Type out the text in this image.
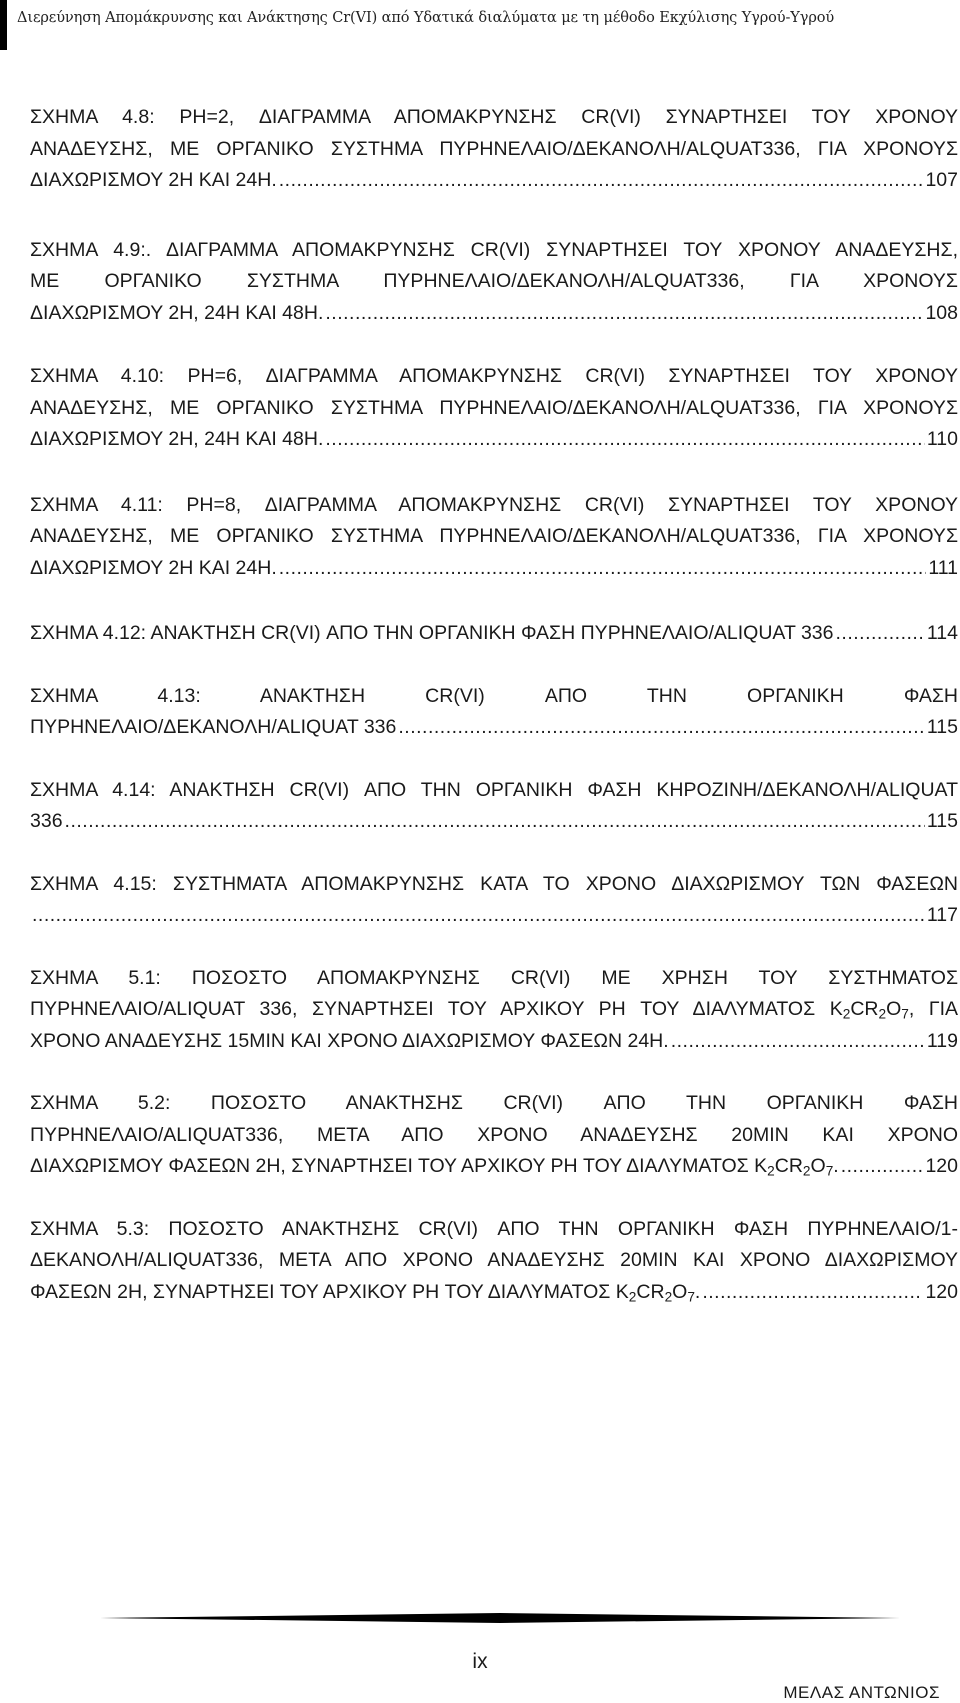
Διερεύνηση Απομάκρυνσης και Ανάκτησης Cr(VI) από Υδατικά διαλύματα με τη μέθοδο Εκχύλισης Υγρού-Υγρού
ΣΧΗΜΑ 4.8: PH=2, ΔΙΑΓΡΑΜΜΑ ΑΠΟΜΑΚΡΥΝΣΗΣ CR(VI) ΣΥΝΑΡΤΗΣΕΙ ΤΟΥ ΧΡΟΝΟΥ
ΑΝΑΔΕΥΣΗΣ, ΜΕ ΟΡΓΑΝΙΚΟ ΣΥΣΤΗΜΑ ΠΥΡΗΝΕΛΑΙΟ/ΔΕΚΑΝΟΛΗ/ALQUAT336, ΓΙΑ ΧΡΟΝΟΥΣ
ΔΙΑΧΩΡΙΣΜΟΥ 2Η ΚΑΙ 24Η. .....	107
ΣΧΗΜΑ 4.9:. ΔΙΑΓΡΑΜΜΑ ΑΠΟΜΑΚΡΥΝΣΗΣ CR(VI) ΣΥΝΑΡΤΗΣΕΙ ΤΟΥ ΧΡΟΝΟΥ ΑΝΑΔΕΥΣΗΣ,
ΜΕ ΟΡΓΑΝΙΚΟ ΣΥΣΤΗΜΑ ΠΥΡΗΝΕΛΑΙΟ/ΔΕΚΑΝΟΛΗ/ALQUAT336, ΓΙΑ ΧΡΟΝΟΥΣ
ΔΙΑΧΩΡΙΣΜΟΥ 2Η, 24Η ΚΑΙ 48Η. .....	108
ΣΧΗΜΑ 4.10: PH=6, ΔΙΑΓΡΑΜΜΑ ΑΠΟΜΑΚΡΥΝΣΗΣ CR(VI) ΣΥΝΑΡΤΗΣΕΙ ΤΟΥ ΧΡΟΝΟΥ
ΑΝΑΔΕΥΣΗΣ, ΜΕ ΟΡΓΑΝΙΚΟ ΣΥΣΤΗΜΑ ΠΥΡΗΝΕΛΑΙΟ/ΔΕΚΑΝΟΛΗ/ALQUAT336, ΓΙΑ ΧΡΟΝΟΥΣ
ΔΙΑΧΩΡΙΣΜΟΥ 2Η, 24Η ΚΑΙ 48Η. .....	110
ΣΧΗΜΑ 4.11: PH=8, ΔΙΑΓΡΑΜΜΑ ΑΠΟΜΑΚΡΥΝΣΗΣ CR(VI) ΣΥΝΑΡΤΗΣΕΙ ΤΟΥ ΧΡΟΝΟΥ
ΑΝΑΔΕΥΣΗΣ, ΜΕ ΟΡΓΑΝΙΚΟ ΣΥΣΤΗΜΑ ΠΥΡΗΝΕΛΑΙΟ/ΔΕΚΑΝΟΛΗ/ALQUAT336, ΓΙΑ ΧΡΟΝΟΥΣ
ΔΙΑΧΩΡΙΣΜΟΥ 2Η ΚΑΙ 24Η. .....	111
ΣΧΗΜΑ 4.12: ΑΝΑΚΤΗΣΗ CR(VI) ΑΠΟ ΤΗΝ ΟΡΓΑΝΙΚΗ ΦΑΣΗ ΠΥΡΗΝΕΛΑΙΟ/ALIQUAT 336 .....	114
ΣΧΗΜΑ 4.13: ΑΝΑΚΤΗΣΗ CR(VI) ΑΠΟ ΤΗΝ ΟΡΓΑΝΙΚΗ ΦΑΣΗ
ΠΥΡΗΝΕΛΑΙΟ/ΔΕΚΑΝΟΛΗ/ALIQUAT 336 .....	115
ΣΧΗΜΑ 4.14: ΑΝΑΚΤΗΣΗ CR(VI) ΑΠΟ ΤΗΝ ΟΡΓΑΝΙΚΗ ΦΑΣΗ ΚΗΡΟΖΙΝΗ/ΔΕΚΑΝΟΛΗ/ALIQUAT
336 .....	115
ΣΧΗΜΑ 4.15: ΣΥΣΤΗΜΑΤΑ ΑΠΟΜΑΚΡΥΝΣΗΣ ΚΑΤΑ ΤΟ ΧΡΟΝΟ ΔΙΑΧΩΡΙΣΜΟΥ ΤΩΝ ΦΑΣΕΩΝ
.....
117
ΣΧΗΜΑ 5.1: ΠΟΣΟΣΤΟ ΑΠΟΜΑΚΡΥΝΣΗΣ CR(VI) ΜΕ ΧΡΗΣΗ ΤΟΥ ΣΥΣΤΗΜΑΤΟΣ
ΠΥΡΗΝΕΛΑΙΟ/ALIQUAT 336, ΣΥΝΑΡΤΗΣΕΙ ΤΟΥ ΑΡΧΙΚΟΥ PH ΤΟΥ ΔΙΑΛΥΜΑΤΟΣ $K_2CR_2O_7$, ΓΙΑ
ΧΡΟΝΟ ΑΝΑΔΕΥΣΗΣ 15MIN ΚΑΙ ΧΡΟΝΟ ΔΙΑΧΩΡΙΣΜΟΥ ΦΑΣΕΩΝ 24Η. .....	119
ΣΧΗΜΑ 5.2: ΠΟΣΟΣΤΟ ΑΝΑΚΤΗΣΗΣ CR(VI) ΑΠΟ ΤΗΝ ΟΡΓΑΝΙΚΗ ΦΑΣΗ
ΠΥΡΗΝΕΛΑΙΟ/ALIQUAT336, ΜΕΤΑ ΑΠΟ ΧΡΟΝΟ ΑΝΑΔΕΥΣΗΣ 20MIN ΚΑΙ ΧΡΟΝΟ
ΔΙΑΧΩΡΙΣΜΟΥ ΦΑΣΕΩΝ 2Η, ΣΥΝΑΡΤΗΣΕΙ ΤΟΥ ΑΡΧΙΚΟΥ PH ΤΟΥ ΔΙΑΛΥΜΑΤΟΣ $K_2CR_2O_7$. .....	120
ΣΧΗΜΑ 5.3: ΠΟΣΟΣΤΟ ΑΝΑΚΤΗΣΗΣ CR(VI) ΑΠΟ ΤΗΝ ΟΡΓΑΝΙΚΗ ΦΑΣΗ ΠΥΡΗΝΕΛΑΙΟ/1-
ΔΕΚΑΝΟΛΗ/ALIQUAT336, ΜΕΤΑ ΑΠΟ ΧΡΟΝΟ ΑΝΑΔΕΥΣΗΣ 20MIN ΚΑΙ ΧΡΟΝΟ ΔΙΑΧΩΡΙΣΜΟΥ
ΦΑΣΕΩΝ 2Η, ΣΥΝΑΡΤΗΣΕΙ ΤΟΥ ΑΡΧΙΚΟΥ PH ΤΟΥ ΔΙΑΛΥΜΑΤΟΣ $K_2CR_2O_7$. .....	120
ix
ΜΕΛΑΣ ΑΝΤΩΝΙΟΣ
